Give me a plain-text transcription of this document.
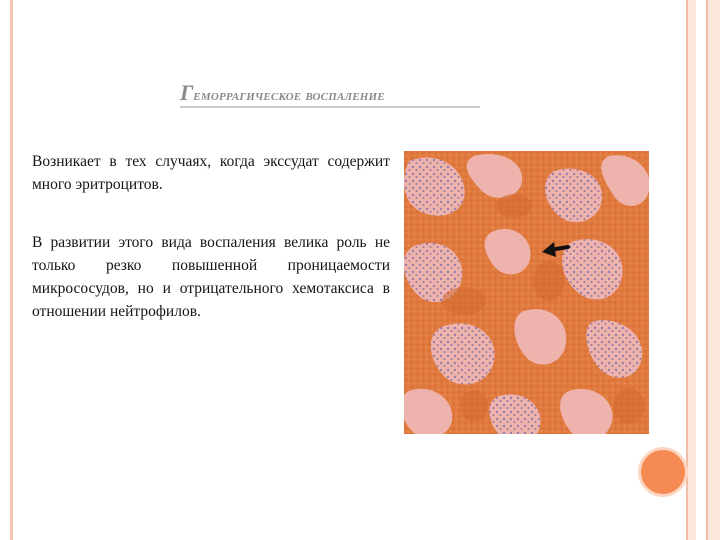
Геморрагическое воспаление
Возникает в тех случаях, когда экссудат содержит много эритроцитов.
В развитии этого вида воспаления велика роль не только резко повышенной проницаемости микрососудов, но и отрицательного хемотаксиса в отношении нейтрофилов.
